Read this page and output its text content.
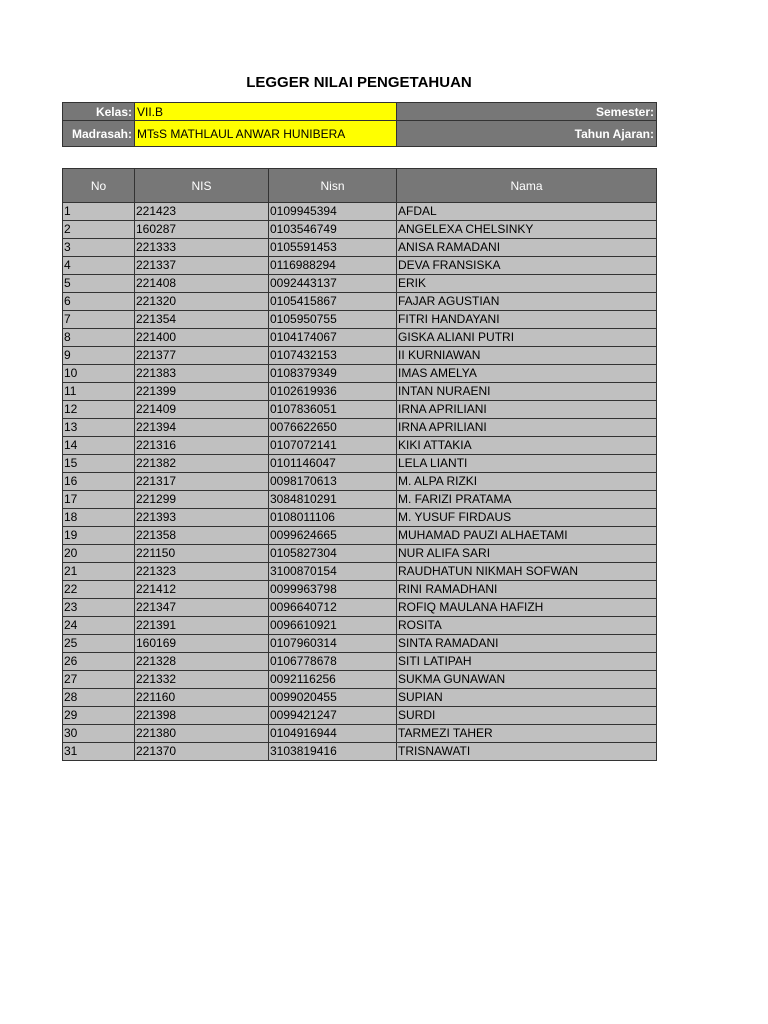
LEGGER NILAI PENGETAHUAN
Kelas:	VII.B	Semester:
Madrasah:	MTsS MATHLAUL ANWAR HUNIBERA	Tahun Ajaran:
No	NIS	Nisn	Nama
1	221423	0109945394	AFDAL
2	160287	0103546749	ANGELEXA CHELSINKY
3	221333	0105591453	ANISA RAMADANI
4	221337	0116988294	DEVA FRANSISKA
5	221408	0092443137	ERIK
6	221320	0105415867	FAJAR AGUSTIAN
7	221354	0105950755	FITRI HANDAYANI
8	221400	0104174067	GISKA ALIANI PUTRI
9	221377	0107432153	II KURNIAWAN
10	221383	0108379349	IMAS AMELYA
11	221399	0102619936	INTAN NURAENI
12	221409	0107836051	IRNA APRILIANI
13	221394	0076622650	IRNA APRILIANI
14	221316	0107072141	KIKI ATTAKIA
15	221382	0101146047	LELA LIANTI
16	221317	0098170613	M. ALPA RIZKI
17	221299	3084810291	M. FARIZI PRATAMA
18	221393	0108011106	M. YUSUF FIRDAUS
19	221358	0099624665	MUHAMAD PAUZI ALHAETAMI
20	221150	0105827304	NUR ALIFA SARI
21	221323	3100870154	RAUDHATUN NIKMAH SOFWAN
22	221412	0099963798	RINI RAMADHANI
23	221347	0096640712	ROFIQ MAULANA HAFIZH
24	221391	0096610921	ROSITA
25	160169	0107960314	SINTA RAMADANI
26	221328	0106778678	SITI LATIPAH
27	221332	0092116256	SUKMA GUNAWAN
28	221160	0099020455	SUPIAN
29	221398	0099421247	SURDI
30	221380	0104916944	TARMEZI TAHER
31	221370	3103819416	TRISNAWATI
